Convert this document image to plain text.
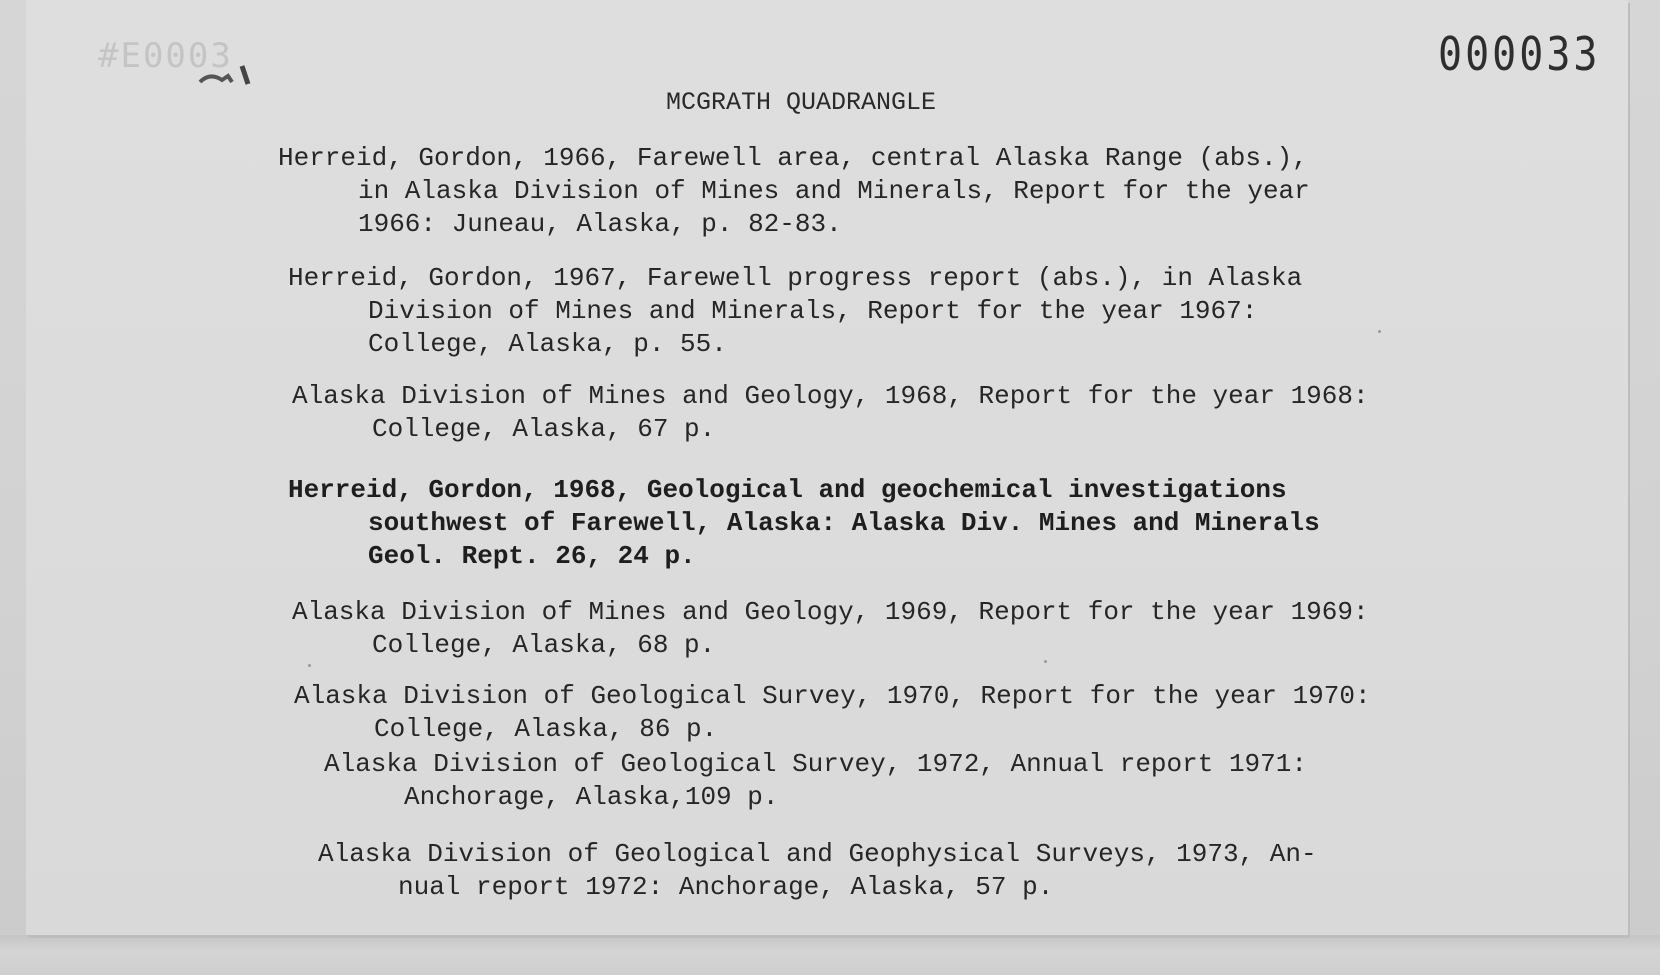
#E0003	000033
MCGRATH QUADRANGLE
Herreid, Gordon, 1966, Farewell area, central Alaska Range (abs.),
in Alaska Division of Mines and Minerals, Report for the year
1966: Juneau, Alaska, p. 82-83.
Herreid, Gordon, 1967, Farewell progress report (abs.), in Alaska
Division of Mines and Minerals, Report for the year 1967:
College, Alaska, p. 55.
Alaska Division of Mines and Geology, 1968, Report for the year 1968:
College, Alaska, 67 p.
Herreid, Gordon, 1968, Geological and geochemical investigations
southwest of Farewell, Alaska: Alaska Div. Mines and Minerals
Geol. Rept. 26, 24 p.
Alaska Division of Mines and Geology, 1969, Report for the year 1969:
College, Alaska, 68 p.
Alaska Division of Geological Survey, 1970, Report for the year 1970:
College, Alaska, 86 p.
Alaska Division of Geological Survey, 1972, Annual report 1971:
Anchorage, Alaska,109 p.
Alaska Division of Geological and Geophysical Surveys, 1973, An-
nual report 1972: Anchorage, Alaska, 57 p.
